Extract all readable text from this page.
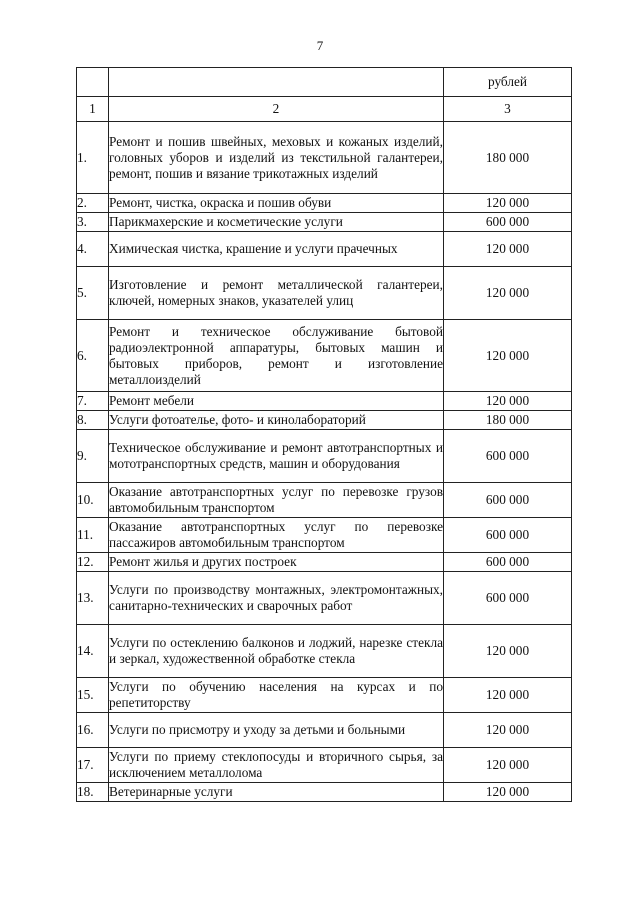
7
		рублей
1	2	3
1.	Ремонт и пошив швейных, меховых и кожаных изделий, головных уборов и изделий из текстильной галантереи, ремонт, пошив и вязание трикотажных изделий	180 000
2.	Ремонт, чистка, окраска и пошив обуви	120 000
3.	Парикмахерские и косметические услуги	600 000
4.	Химическая чистка, крашение и услуги прачечных	120 000
5.	Изготовление и ремонт металлической галантереи, ключей, номерных знаков, указателей улиц	120 000
6.	Ремонт и техническое обслуживание бытовой радиоэлектронной аппаратуры, бытовых машин и бытовых приборов, ремонт и изготовление металлоизделий	120 000
7.	Ремонт мебели	120 000
8.	Услуги фотоателье, фото- и кинолабораторий	180 000
9.	Техническое обслуживание и ремонт автотранспортных и мототранспортных средств, машин и оборудования	600 000
10.	Оказание автотранспортных услуг по перевозке грузов автомобильным транспортом	600 000
11.	Оказание автотранспортных услуг по перевозке пассажиров автомобильным транспортом	600 000
12.	Ремонт жилья и других построек	600 000
13.	Услуги по производству монтажных, электромонтажных, санитарно-технических и сварочных работ	600 000
14.	Услуги по остеклению балконов и лоджий, нарезке стекла и зеркал, художественной обработке стекла	120 000
15.	Услуги по обучению населения на курсах и по репетиторству	120 000
16.	Услуги по присмотру и уходу за детьми и больными	120 000
17.	Услуги по приему стеклопосуды и вторичного сырья, за исключением металлолома	120 000
18.	Ветеринарные услуги	120 000
